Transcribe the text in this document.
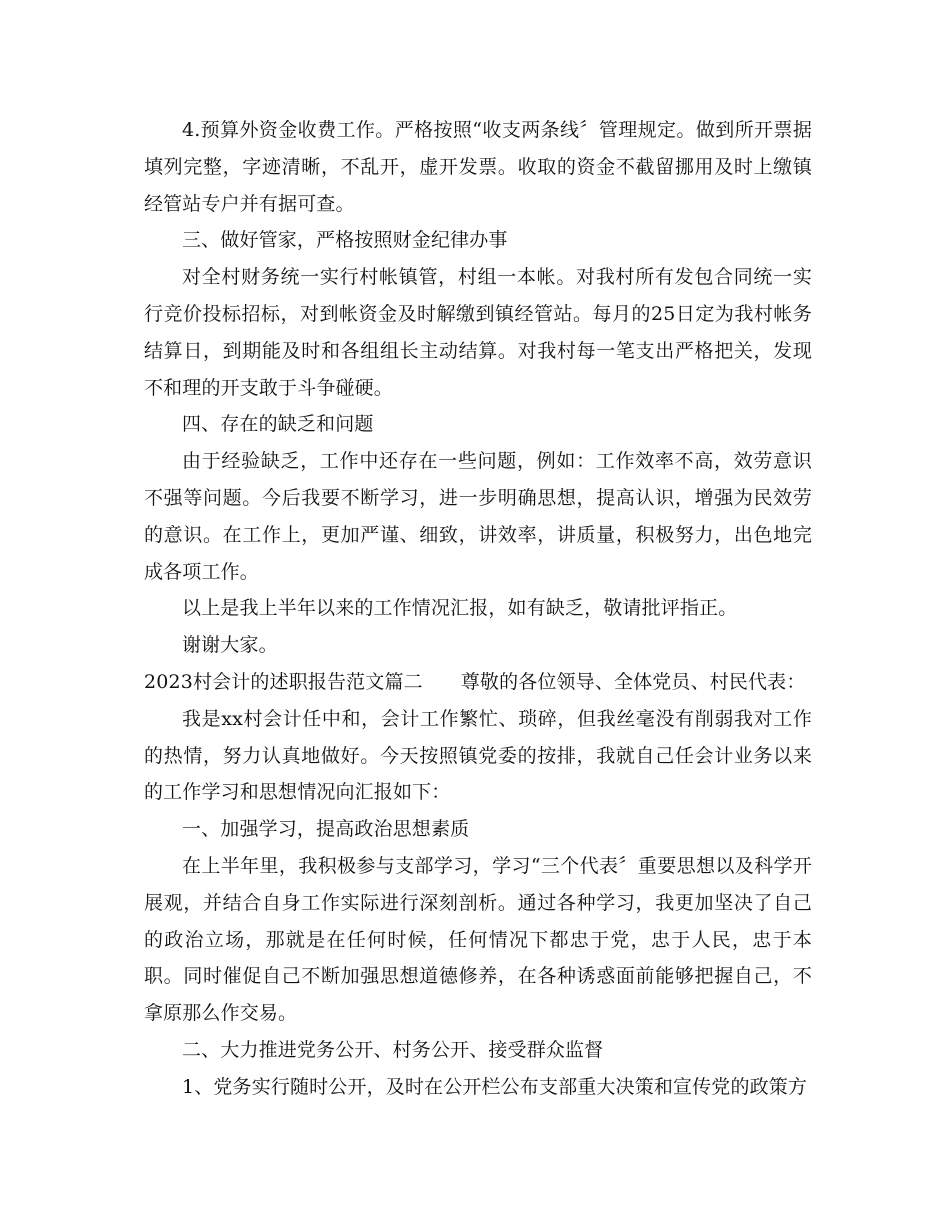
4.预算外资金收费工作。严格按照“收支两条线〞管理规定。做到所开票据填列完整，字迹清晰，不乱开，虚开发票。收取的资金不截留挪用及时上缴镇经管站专户并有据可查。

三、做好管家，严格按照财金纪律办事

对全村财务统一实行村帐镇管，村组一本帐。对我村所有发包合同统一实行竞价投标招标，对到帐资金及时解缴到镇经管站。每月的25日定为我村帐务结算日，到期能及时和各组组长主动结算。对我村每一笔支出严格把关，发现不和理的开支敢于斗争碰硬。

四、存在的缺乏和问题

由于经验缺乏，工作中还存在一些问题，例如：工作效率不高，效劳意识不强等问题。今后我要不断学习，进一步明确思想，提高认识，增强为民效劳的意识。在工作上，更加严谨、细致，讲效率，讲质量，积极努力，出色地完成各项工作。

以上是我上半年以来的工作情况汇报，如有缺乏，敬请批评指正。

谢谢大家。

2023村会计的述职报告范文篇二 尊敬的各位领导、全体党员、村民代表：

我是xx村会计任中和，会计工作繁忙、琐碎，但我丝毫没有削弱我对工作的热情，努力认真地做好。今天按照镇党委的按排，我就自己任会计业务以来的工作学习和思想情况向汇报如下：

一、加强学习，提高政治思想素质

在上半年里，我积极参与支部学习，学习“三个代表〞重要思想以及科学开展观，并结合自身工作实际进行深刻剖析。通过各种学习，我更加坚决了自己的政治立场，那就是在任何时候，任何情况下都忠于党，忠于人民，忠于本职。同时催促自己不断加强思想道德修养，在各种诱惑面前能够把握自己，不拿原那么作交易。

二、大力推进党务公开、村务公开、接受群众监督

1、党务实行随时公开，及时在公开栏公布支部重大决策和宣传党的政策方
